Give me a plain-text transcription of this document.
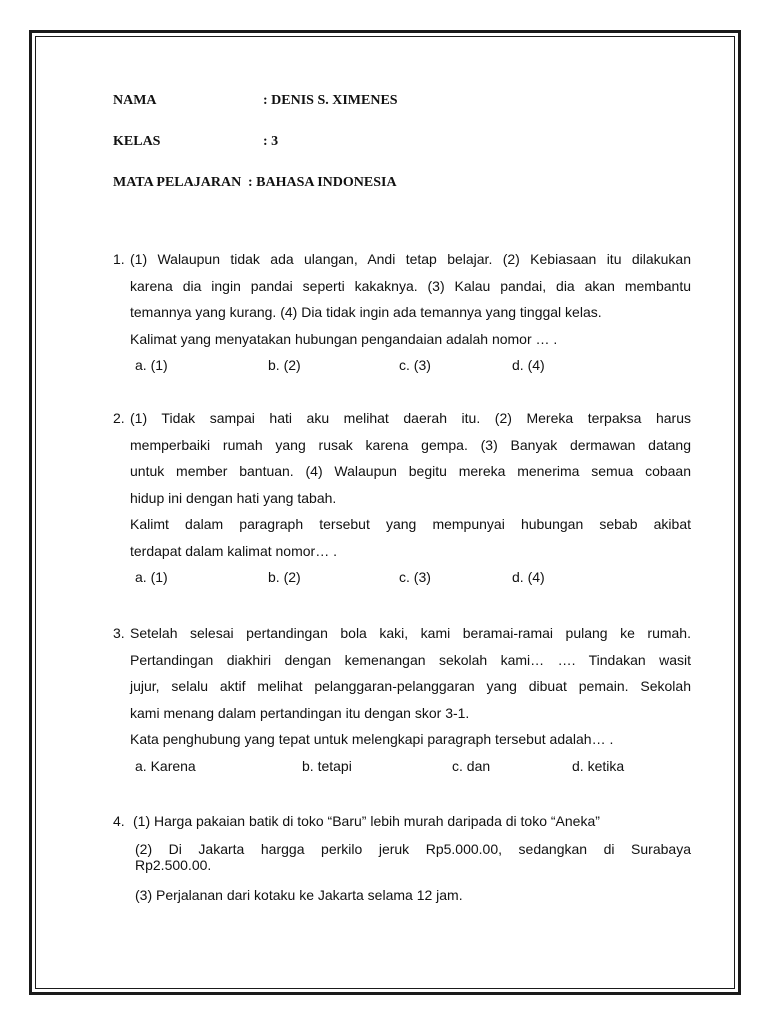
NAMA	: DENIS S. XIMENES
KELAS	: 3
MATA PELAJARAN : BAHASA INDONESIA
1. (1) Walaupun tidak ada ulangan, Andi tetap belajar. (2) Kebiasaan itu dilakukan
karena dia ingin pandai seperti kakaknya. (3) Kalau pandai, dia akan membantu
temannya yang kurang. (4) Dia tidak ingin ada temannya yang tinggal kelas.
Kalimat yang menyatakan hubungan pengandaian adalah nomor … .
a. (1)	b. (2)	c. (3)	d. (4)
2. (1) Tidak sampai hati aku melihat daerah itu. (2) Mereka terpaksa harus
memperbaiki rumah yang rusak karena gempa. (3) Banyak dermawan datang
untuk member bantuan. (4) Walaupun begitu mereka menerima semua cobaan
hidup ini dengan hati yang tabah.
Kalimt dalam paragraph tersebut yang mempunyai hubungan sebab akibat
terdapat dalam kalimat nomor… .
a. (1)	b. (2)	c. (3)	d. (4)
3. Setelah selesai pertandingan bola kaki, kami beramai-ramai pulang ke rumah.
Pertandingan diakhiri dengan kemenangan sekolah kami… …. Tindakan wasit
jujur, selalu aktif melihat pelanggaran-pelanggaran yang dibuat pemain. Sekolah
kami menang dalam pertandingan itu dengan skor 3-1.
Kata penghubung yang tepat untuk melengkapi paragraph tersebut adalah… .
a. Karena	b. tetapi	c. dan	d. ketika
4. (1) Harga pakaian batik di toko “Baru” lebih murah daripada di toko “Aneka”
(2) Di Jakarta hargga perkilo jeruk Rp5.000.00, sedangkan di Surabaya
Rp2.500.00.
(3) Perjalanan dari kotaku ke Jakarta selama 12 jam.
